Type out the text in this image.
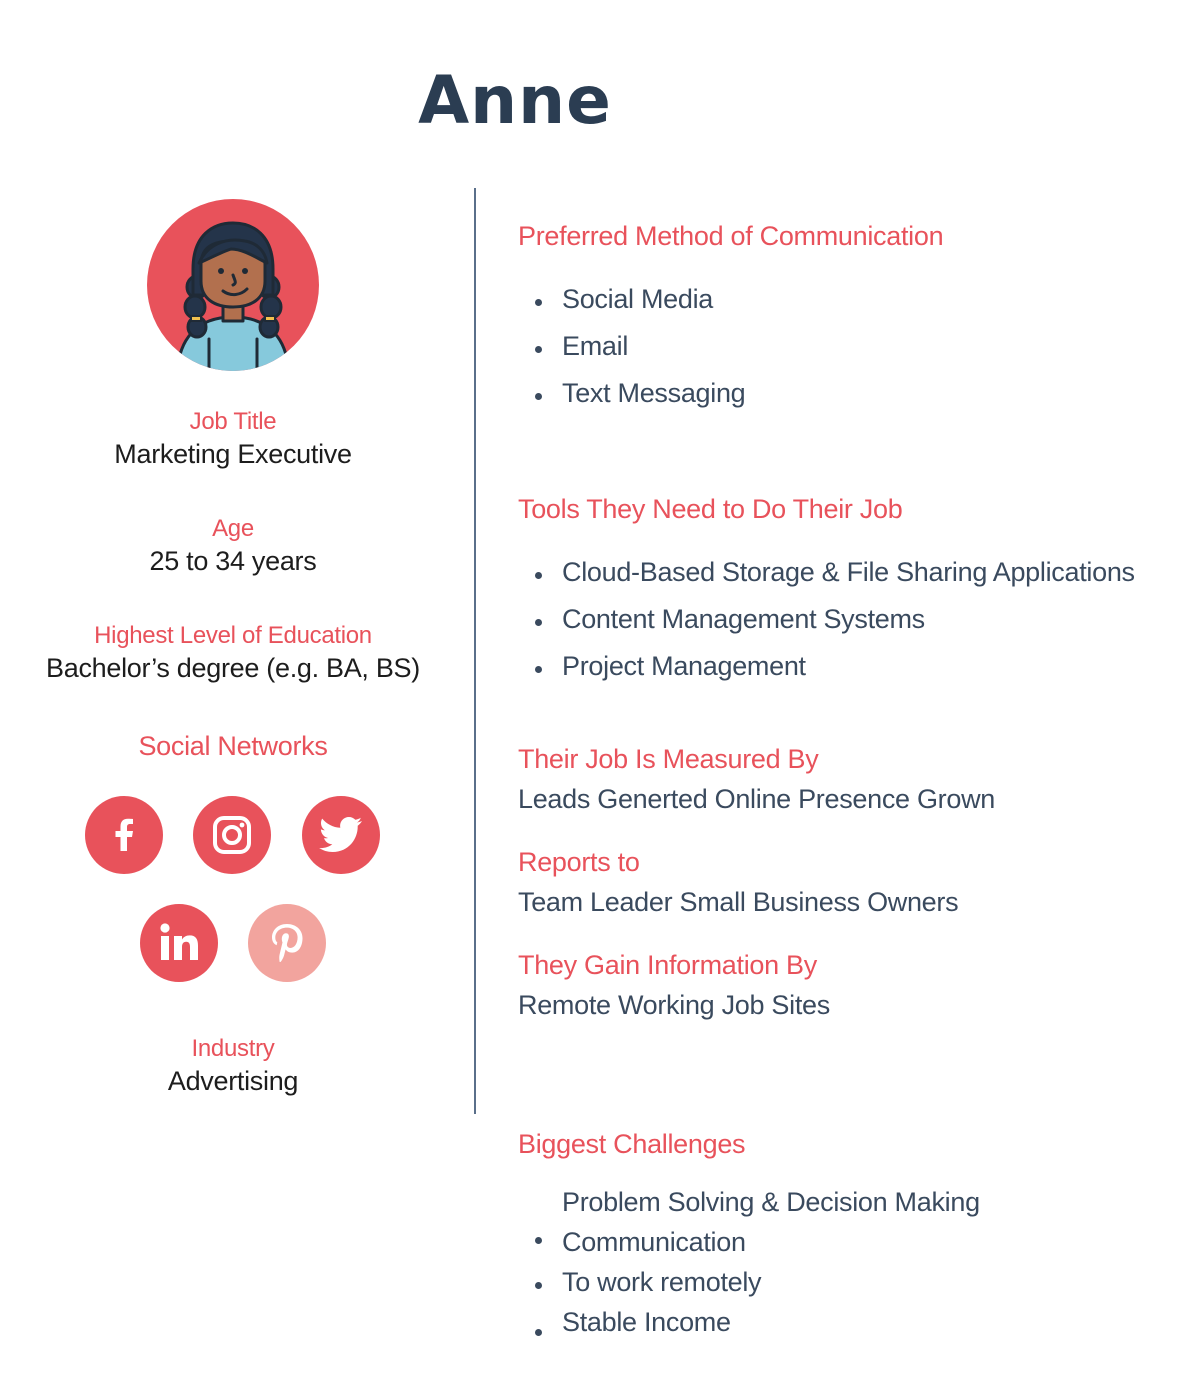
Anne
Job Title
Marketing Executive
Age
25 to 34 years
Highest Level of Education
Bachelor’s degree (e.g. BA, BS)
Social Networks
Industry
Advertising
Preferred Method of Communication
Social Media
Email
Text Messaging
Tools They Need to Do Their Job
Cloud-Based Storage & File Sharing Applications
Content Management Systems
Project Management
Their Job Is Measured By
Leads Generted Online Presence Grown
Reports to
Team Leader Small Business Owners
They Gain Information By
Remote Working Job Sites
Biggest Challenges
Problem Solving & Decision Making
Communication
To work remotely
Stable Income
